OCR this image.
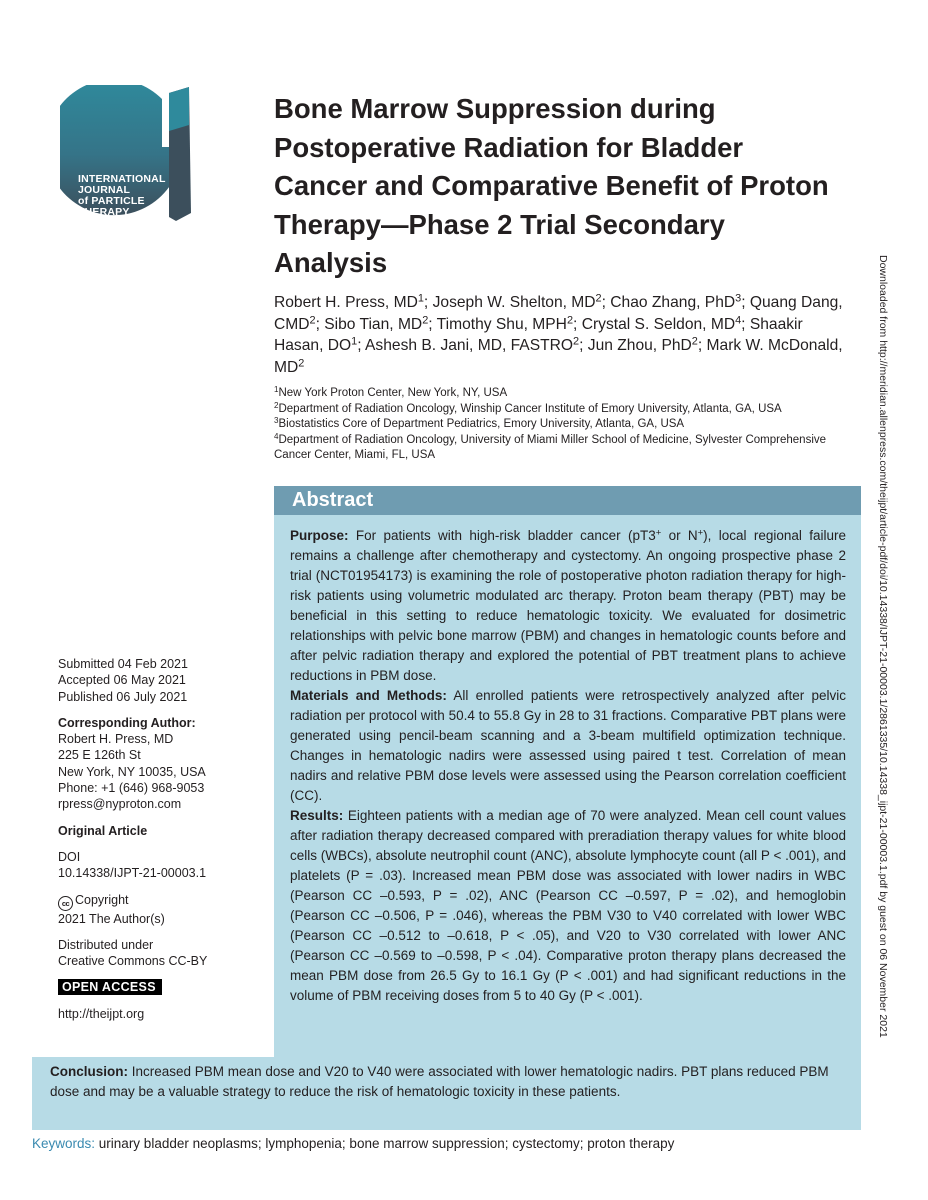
INTERNATIONAL
JOURNAL
of PARTICLE
THERAPY
Bone Marrow Suppression during Postoperative Radiation for Bladder Cancer and Comparative Benefit of Proton Therapy—Phase 2 Trial Secondary Analysis

Robert H. Press, $MD^1$; Joseph W. Shelton, $MD^2$; Chao Zhang, PhD$^3$; Quang Dang, CMD$^2$; Sibo Tian, $MD^2$; Timothy Shu, MPH$^2$; Crystal S. Seldon, $MD^4$; Shaakir Hasan, $DO^1$; Ashesh B. Jani, MD, FASTRO$^2$; Jun Zhou, PhD$^2$; Mark W. McDonald, $MD^2$

$^1$New York Proton Center, New York, NY, USA
$^2$Department of Radiation Oncology, Winship Cancer Institute of Emory University, Atlanta, GA, USA
$^3$Biostatistics Core of Department Pediatrics, Emory University, Atlanta, GA, USA
$^4$Department of Radiation Oncology, University of Miami Miller School of Medicine, Sylvester Comprehensive Cancer Center, Miami, FL, USA	Downloaded from http://meridian.allenpress.com/theijpt/article-pdf/doi/10.14338/IJPT-21-00003.1/2861335/10.14338_ijpt-21-00003.1.pdf by guest on 06 November 2021
Submitted 04 Feb 2021
Accepted 06 May 2021
Published 06 July 2021
Corresponding Author:
Robert H. Press, MD
225 E 126th St
New York, NY 10035, USA
Phone: +1 (646) 968-9053
rpress@nyproton.com
Original Article
DOI
10.14338/IJPT-21-00003.1
cc Copyright
2021 The Author(s)
Distributed under
Creative Commons CC-BY
OPEN ACCESS
http://theijpt.org
Abstract

Purpose: For patients with high-risk bladder cancer (pT3+ or N+), local regional failure remains a challenge after chemotherapy and cystectomy. An ongoing prospective phase 2 trial (NCT01954173) is examining the role of postoperative photon radiation therapy for high-risk patients using volumetric modulated arc therapy. Proton beam therapy (PBT) may be beneficial in this setting to reduce hematologic toxicity. We evaluated for dosimetric relationships with pelvic bone marrow (PBM) and changes in hematologic counts before and after pelvic radiation therapy and explored the potential of PBT treatment plans to achieve reductions in PBM dose.

Materials and Methods: All enrolled patients were retrospectively analyzed after pelvic radiation per protocol with 50.4 to 55.8 Gy in 28 to 31 fractions. Comparative PBT plans were generated using pencil-beam scanning and a 3-beam multifield optimization technique. Changes in hematologic nadirs were assessed using paired t test. Correlation of mean nadirs and relative PBM dose levels were assessed using the Pearson correlation coefficient (CC).

Results: Eighteen patients with a median age of 70 were analyzed. Mean cell count values after radiation therapy decreased compared with preradiation therapy values for white blood cells (WBCs), absolute neutrophil count (ANC), absolute lymphocyte count (all P < .001), and platelets (P = .03). Increased mean PBM dose was associated with lower nadirs in WBC (Pearson CC –0.593, P = .02), ANC (Pearson CC –0.597, P = .02), and hemoglobin (Pearson CC –0.506, P = .046), whereas the PBM V30 to V40 correlated with lower WBC (Pearson CC –0.512 to –0.618, P < .05), and V20 to V30 correlated with lower ANC (Pearson CC –0.569 to –0.598, P < .04). Comparative proton therapy plans decreased the mean PBM dose from 26.5 Gy to 16.1 Gy (P < .001) and had significant reductions in the volume of PBM receiving doses from 5 to 40 Gy (P < .001).

Conclusion: Increased PBM mean dose and V20 to V40 were associated with lower hematologic nadirs. PBT plans reduced PBM dose and may be a valuable strategy to reduce the risk of hematologic toxicity in these patients.

Keywords: urinary bladder neoplasms; lymphopenia; bone marrow suppression; cystectomy; proton therapy
